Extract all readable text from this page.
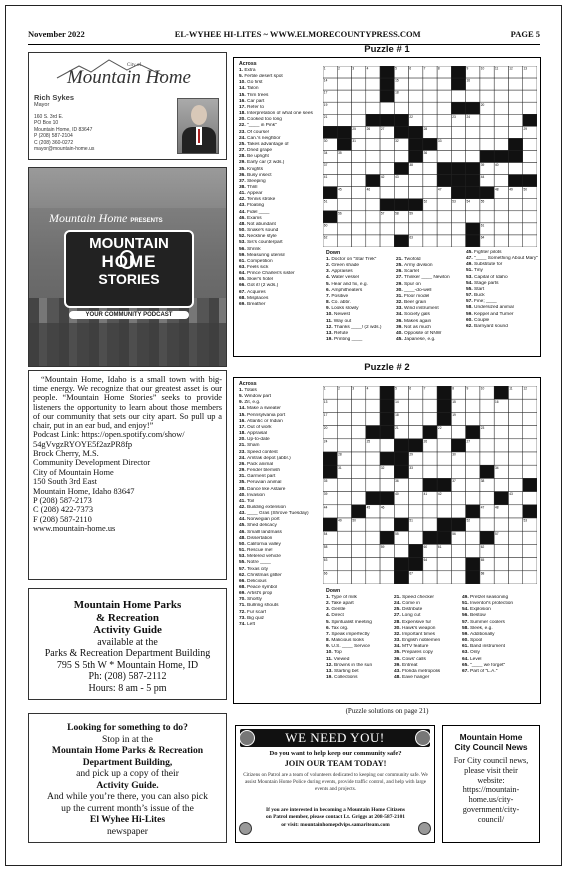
November 2022	EL-WYHEE HI-LITES ~ WWW.ELMORECOUNTYPRESS.COM	PAGE 5
City of
Mountain Home
Rich Sykes
Mayor
160 S. 3rd E.
PO Box 10
Mountain Home, ID 83647
P (208) 587-2104
C (208) 360-0272
mayor@mountain-home.us
Mountain Home PRESENTS
MOUNTAIN
HOME
STORIES
YOUR COMMUNITY PODCAST
“Mountain Home, Idaho is a small town with big-time energy. We recognize that our greatest asset is our people. “Mountain Home Stories” seeks to provide listeners the opportunity to learn about those members of our community that sets our city apart. So pull up a chair, put in an ear bud, and enjoy!”
Podcast Link: https://open.spotify.com/show/
54gVvgzRYOYE5f2azPR8fp
Brock Cherry, M.S.
Community Development Director
City of Mountain Home
150 South 3rd East
Mountain Home, Idaho 83647
P (208) 587-2173
C (208) 422-7373
F (208) 587-2110
www.mountain-home.us
Mountain Home Parks
& Recreation
Activity Guide
available at the
Parks & Recreation Department Building
795 S 5th W * Mountain Home, ID
Ph: (208) 587-2112
Hours: 8 am - 5 pm
Looking for something to do?
Stop in at the
Mountain Home Parks & Recreation
Department Building,
and pick up a copy of their
Activity Guide.
And while you’re there, you can also pick
up the current month’s issue of the
El Wyhee Hi-Lites
newspaper
Puzzle # 1
Across
1. Extra
5. Fertile desert spot
10. Go first
14. Talon
15. Trim trees
16. Car part
17. Refer to
18. Interpretation of what one sees
20. Cooked too long
22. "____ in Pink"
23. Of course!
24. Can.'s neighbor
25. Takes advantage of
27. Dried grape
28. Be upright
29. Early car (2 wds.)
35. Knights
36. Busy insect
37. Sleeping
38. Thrill
41. Appear
42. Tennis stroke
43. Floating
44. Fidel ____
46. Exams
48. Not abundant
50. Snake's sound
52. Neckline style
53. Sis's counterpart
56. Shrink
59. Measuring utensil
61. Competition
63. Feels sick
64. Prince Charles's sister
65. Skier's hotel
66. Got it! (2 wds.)
67. Acquires
68. Misplaces
69. Breather
1	2	3	4	5	6	7	8	9	10	11	12	13
14	15	16
17	18
19	20
21	22	23	24
25	26	27	28	29
30	31	32	33
34	35	36
37	38	39	40
41	42	43	44
45	46	47	48	49	50
51	52	53	54	55
56	57	58	59
60	61
62	63	64
Down
1. Doctor on "Star Trek"
2. Green shade
3. Appraises
4. Water vessel
5. Hear and fix, e.g.
6. Amphitheaters
7. Positive
8. Co. abbr.
9. Looks slowly
10. Newest
11. Way out
12. Thanks ____! (2 wds.)
13. Refute
19. Printing ____
21. Twofold
25. Army division
26. Scarlet
27. Thinker ____ Newton
29. Spur on
30. ____-do-well
31. Floor model
32. Beer grain
33. Wind instrument
34. Society gals
36. Makes again
39. Not as much
40. Opposite of NNW
45. Japanese, e.g.
45. Fighter pilots
47. "____ Something About Mary"
49. Substitute for
51. Tiny
53. Capital of Idaho
54. Stage parts
55. Start
57. Buck
57. Fine; ____
58. Undersized animal
59. Keppel and Turner
60. Couple
62. Barnyard sound
Puzzle # 2
Across
1. Totals
5. Window part
9. Zit, e.g.
14. Make a sweater
15. Pennsylvania port
16. Atlantic or Indian
17. Out of work
18. Appraisal
20. Up-to-date
21. Sham
23. Speed contest
24. Amtrak depot (abbr.)
26. Pack animal
29. Fender blemish
31. Garment part
35. Peruvian animal
38. Dance like Astaire
40. Invasion
41. Toil
42. Building extension
43. ____ Gras (Shrove Tuesday)
44. Norwegian port
45. Shed delicacy
46. Smalll landmass
48. Dissertation
50. California valley
51. Rescue me!
53. Metered vehicle
55. Notre ____
57. Texas city
62. Christmas glitter
66. Delicious
68. Peace symbol
69. Artist's prop
70. Shortly
71. Bullring shouts
72. Fur scarf
73. Big quiz
74. Left
1	2	3	4	5	6	7	8	9	10	11	12
13	14	15	16
17	18	19
20	21	22	23
24	25	26	27
28	29	30
31	32	33	34
35	36	37	38
39	40	41	42	43
44	45	46	47	48
49	50	51	52	53
54	55	56	57
58	59	60	61	62
63	64	65
66	67	68
Down
1. Type of milk
2. Take apart
3. Gentle
4. Direct
5. Spiritualist meeting
6. Tax org.
7. Speak imperfectly
8. Malicious looks
9. U.S. ____ Service
10. Top
11. Viewed
12. Browns in the sun
13. Starting bet
19. Collections
21. Speed checker
24. Come in
25. Distribute
27. Long cut
28. Expensive fur
30. Hawk's weapon
32. Important times
33. English noblemen
34. MTV feature
35. Prepares copy
36. Cows' calls
39. Entreat
43. Florida metropolis
48. Eave hanger
49. Pretzel seasoning
51. Inventor's protection
54. Explosion
56. Bestow
57. Summer coolers
58. Sleek, e.g.
59. Additionally
60. Spool
61. Band instrument
63. Only
64. Level
65. "____ we forget"
67. Part of "L.A."
(Puzzle solutions on page 21)
WE NEED YOU!
Do you want to help keep our community safe?
JOIN OUR TEAM TODAY!
Citizens on Patrol are a team of volunteers dedicated to keeping our community safe. We assist Mountain Home Police during events, provide traffic control, and help with large events and projects.
If you are interested in becoming a Mountain Home Citizens
on Patrol member, please contact Lt. Griggs at 208-587-2101
or visit: mountainhomepdvips.samariteam.com
Mountain Home
City Council News
For City council news,
please visit their
website:
https://mountain-
home.us/city-
government/city-
council/
